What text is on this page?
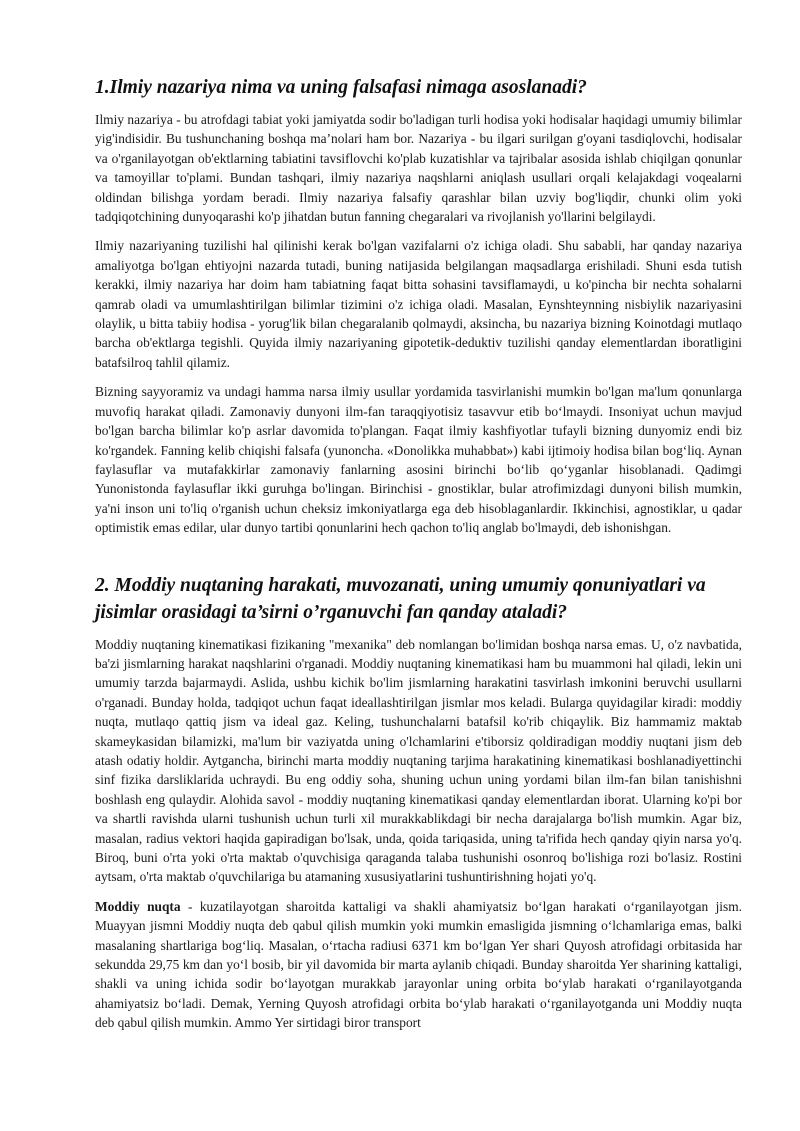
1.Ilmiy nazariya nima va uning falsafasi nimaga asoslanadi?

Ilmiy nazariya - bu atrofdagi tabiat yoki jamiyatda sodir bo'ladigan turli hodisa yoki hodisalar haqidagi umumiy bilimlar yig'indisidir. Bu tushunchaning boshqa ma’nolari ham bor. Nazariya - bu ilgari surilgan g'oyani tasdiqlovchi, hodisalar va o'rganilayotgan ob'ektlarning tabiatini tavsiflovchi ko'plab kuzatishlar va tajribalar asosida ishlab chiqilgan qonunlar va tamoyillar to'plami. Bundan tashqari, ilmiy nazariya naqshlarni aniqlash usullari orqali kelajakdagi voqealarni oldindan bilishga yordam beradi. Ilmiy nazariya falsafiy qarashlar bilan uzviy bog'liqdir, chunki olim yoki tadqiqotchining dunyoqarashi ko'p jihatdan butun fanning chegaralari va rivojlanish yo'llarini belgilaydi.

Ilmiy nazariyaning tuzilishi hal qilinishi kerak bo'lgan vazifalarni o'z ichiga oladi. Shu sababli, har qanday nazariya amaliyotga bo'lgan ehtiyojni nazarda tutadi, buning natijasida belgilangan maqsadlarga erishiladi. Shuni esda tutish kerakki, ilmiy nazariya har doim ham tabiatning faqat bitta sohasini tavsiflamaydi, u ko'pincha bir nechta sohalarni qamrab oladi va umumlashtirilgan bilimlar tizimini o'z ichiga oladi. Masalan, Eynshteynning nisbiylik nazariyasini olaylik, u bitta tabiiy hodisa - yorug'lik bilan chegaralanib qolmaydi, aksincha, bu nazariya bizning Koinotdagi mutlaqo barcha ob'ektlarga tegishli. Quyida ilmiy nazariyaning gipotetik-deduktiv tuzilishi qanday elementlardan iboratligini batafsilroq tahlil qilamiz.

Bizning sayyoramiz va undagi hamma narsa ilmiy usullar yordamida tasvirlanishi mumkin bo'lgan ma'lum qonunlarga muvofiq harakat qiladi. Zamonaviy dunyoni ilm-fan taraqqiyotisiz tasavvur etib bo‘lmaydi. Insoniyat uchun mavjud bo'lgan barcha bilimlar ko'p asrlar davomida to'plangan. Faqat ilmiy kashfiyotlar tufayli bizning dunyomiz endi biz ko'rgandek. Fanning kelib chiqishi falsafa (yunoncha. «Donolikka muhabbat») kabi ijtimoiy hodisa bilan bog‘liq. Aynan faylasuflar va mutafakkirlar zamonaviy fanlarning asosini birinchi bo‘lib qo‘yganlar hisoblanadi. Qadimgi Yunonistonda faylasuflar ikki guruhga bo'lingan. Birinchisi - gnostiklar, bular atrofimizdagi dunyoni bilish mumkin, ya'ni inson uni to'liq o'rganish uchun cheksiz imkoniyatlarga ega deb hisoblaganlardir. Ikkinchisi, agnostiklar, u qadar optimistik emas edilar, ular dunyo tartibi qonunlarini hech qachon to'liq anglab bo'lmaydi, deb ishonishgan.

2. Moddiy nuqtaning harakati, muvozanati, uning umumiy qonuniyatlari va jisimlar orasidagi ta’sirni o’rganuvchi fan qanday ataladi?

Moddiy nuqtaning kinematikasi fizikaning "mexanika" deb nomlangan bo'limidan boshqa narsa emas. U, o'z navbatida, ba'zi jismlarning harakat naqshlarini o'rganadi. Moddiy nuqtaning kinematikasi ham bu muammoni hal qiladi, lekin uni umumiy tarzda bajarmaydi. Aslida, ushbu kichik bo'lim jismlarning harakatini tasvirlash imkonini beruvchi usullarni o'rganadi. Bunday holda, tadqiqot uchun faqat ideallashtirilgan jismlar mos keladi. Bularga quyidagilar kiradi: moddiy nuqta, mutlaqo qattiq jism va ideal gaz. Keling, tushunchalarni batafsil ko'rib chiqaylik. Biz hammamiz maktab skameykasidan bilamizki, ma'lum bir vaziyatda uning o'lchamlarini e'tiborsiz qoldiradigan moddiy nuqtani jism deb atash odatiy holdir. Aytgancha, birinchi marta moddiy nuqtaning tarjima harakatining kinematikasi boshlanadiyettinchi sinf fizika darsliklarida uchraydi. Bu eng oddiy soha, shuning uchun uning yordami bilan ilm-fan bilan tanishishni boshlash eng qulaydir. Alohida savol - moddiy nuqtaning kinematikasi qanday elementlardan iborat. Ularning ko'pi bor va shartli ravishda ularni tushunish uchun turli xil murakkablikdagi bir necha darajalarga bo'lish mumkin. Agar biz, masalan, radius vektori haqida gapiradigan bo'lsak, unda, qoida tariqasida, uning ta'rifida hech qanday qiyin narsa yo'q. Biroq, buni o'rta yoki o'rta maktab o'quvchisiga qaraganda talaba tushunishi osonroq bo'lishiga rozi bo'lasiz. Rostini aytsam, o'rta maktab o'quvchilariga bu atamaning xususiyatlarini tushuntirishning hojati yo'q.

Moddiy nuqta - kuzatilayotgan sharoitda kattaligi va shakli ahamiyatsiz bo‘lgan harakati o‘rganilayotgan jism. Muayyan jismni Moddiy nuqta deb qabul qilish mumkin yoki mumkin emasligida jismning o‘lchamlariga emas, balki masalaning shartlariga bog‘liq. Masalan, o‘rtacha radiusi 6371 km bo‘lgan Yer shari Quyosh atrofidagi orbitasida har sekundda 29,75 km dan yo‘l bosib, bir yil davomida bir marta aylanib chiqadi. Bunday sharoitda Yer sharining kattaligi, shakli va uning ichida sodir bo‘layotgan murakkab jarayonlar uning orbita bo‘ylab harakati o‘rganilayotganda ahamiyatsiz bo‘ladi. Demak, Yerning Quyosh atrofidagi orbita bo‘ylab harakati o‘rganilayotganda uni Moddiy nuqta deb qabul qilish mumkin. Ammo Yer sirtidagi biror transport
